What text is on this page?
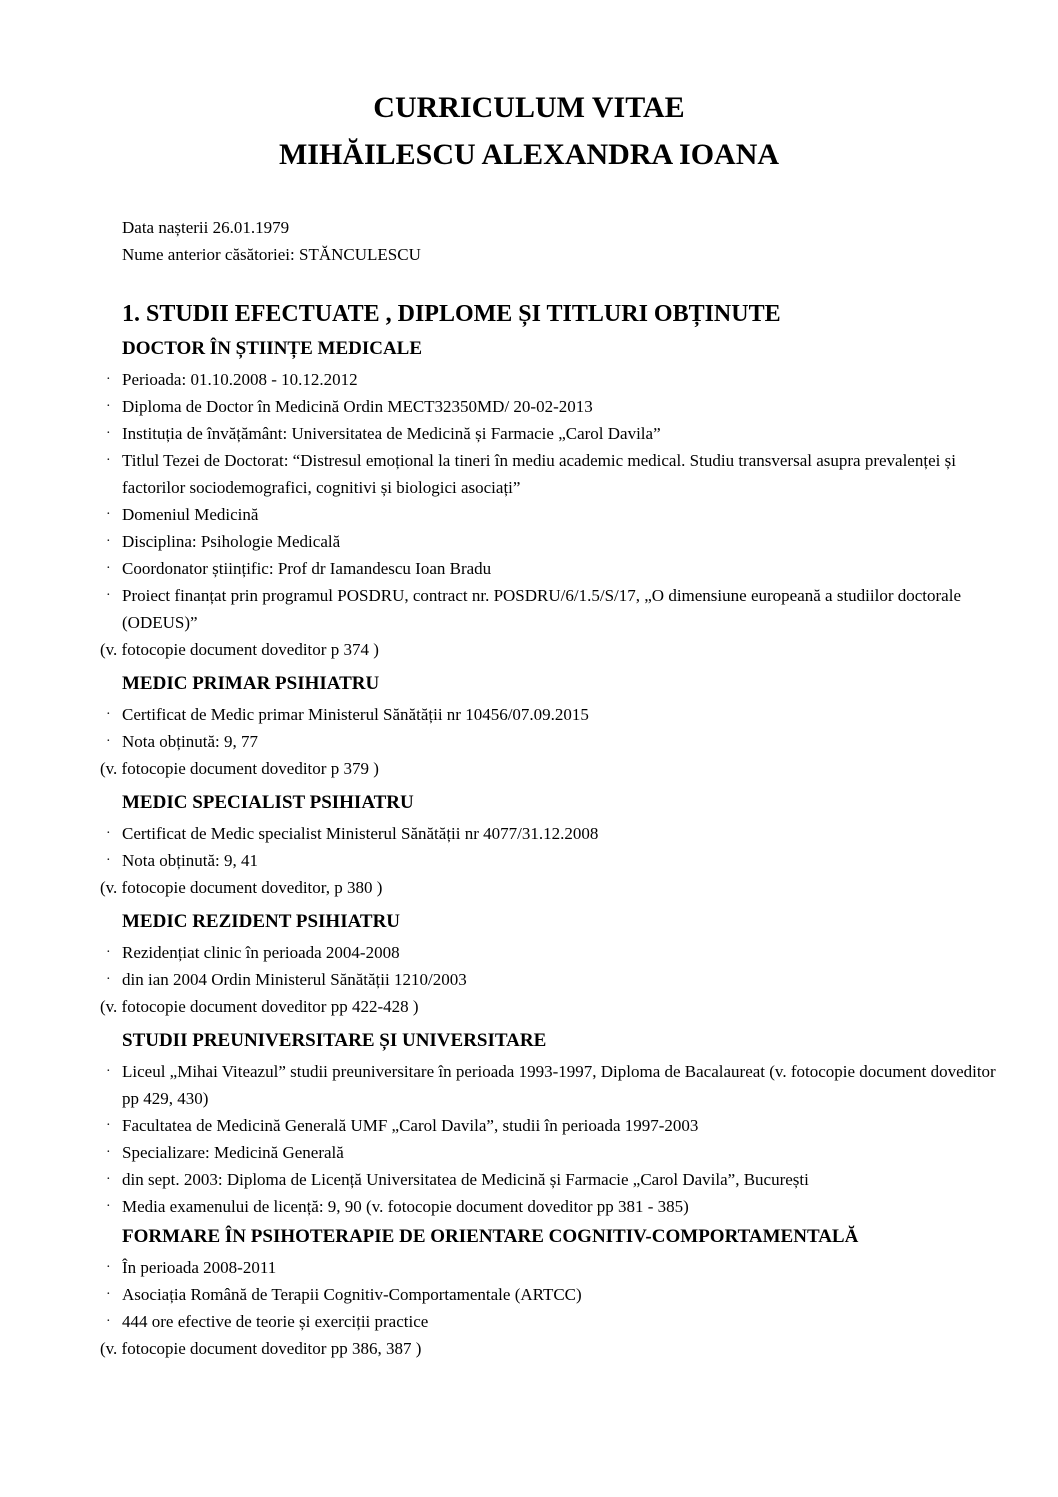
CURRICULUM VITAE
MIHĂILESCU ALEXANDRA IOANA
Data nașterii 26.01.1979
Nume anterior căsătoriei: STĂNCULESCU
1. STUDII EFECTUATE , DIPLOME ȘI TITLURI OBȚINUTE
DOCTOR ÎN ȘTIINȚE MEDICALE
· Perioada: 01.10.2008 - 10.12.2012
· Diploma de Doctor în Medicină Ordin MECT32350MD/ 20-02-2013
· Instituția de învățământ: Universitatea de Medicină și Farmacie „Carol Davila”
· Titlul Tezei de Doctorat: “Distresul emoțional la tineri în mediu academic medical. Studiu transversal asupra prevalenței și factorilor sociodemografici, cognitivi și biologici asociați”
· Domeniul Medicină
· Disciplina: Psihologie Medicală
· Coordonator științific: Prof dr Iamandescu Ioan Bradu
· Proiect finanțat prin programul POSDRU, contract nr. POSDRU/6/1.5/S/17, „O dimensiune europeană a studiilor doctorale (ODEUS)”
(v. fotocopie document doveditor p 374 )
MEDIC PRIMAR PSIHIATRU
· Certificat de Medic primar Ministerul Sănătății nr 10456/07.09.2015
· Nota obținută: 9, 77
(v. fotocopie document doveditor p 379 )
MEDIC SPECIALIST PSIHIATRU
· Certificat de Medic specialist Ministerul Sănătății nr 4077/31.12.2008
· Nota obținută: 9, 41
(v. fotocopie document doveditor, p 380 )
MEDIC REZIDENT PSIHIATRU
· Rezidențiat clinic în perioada 2004-2008
· din ian 2004 Ordin Ministerul Sănătății 1210/2003
(v. fotocopie document doveditor pp 422-428 )
STUDII PREUNIVERSITARE ȘI UNIVERSITARE
· Liceul „Mihai Viteazul” studii preuniversitare în perioada 1993-1997, Diploma de Bacalaureat (v. fotocopie document doveditor pp 429, 430)
· Facultatea de Medicină Generală UMF „Carol Davila”, studii în perioada 1997-2003
· Specializare: Medicină Generală
· din sept. 2003: Diploma de Licență Universitatea de Medicină și Farmacie „Carol Davila”, București
· Media examenului de licență: 9, 90 (v. fotocopie document doveditor pp 381 - 385)
FORMARE ÎN PSIHOTERAPIE DE ORIENTARE COGNITIV-COMPORTAMENTALĂ
· În perioada 2008-2011
· Asociația Română de Terapii Cognitiv-Comportamentale (ARTCC)
· 444 ore efective de teorie și exerciții practice
(v. fotocopie document doveditor pp 386, 387 )
